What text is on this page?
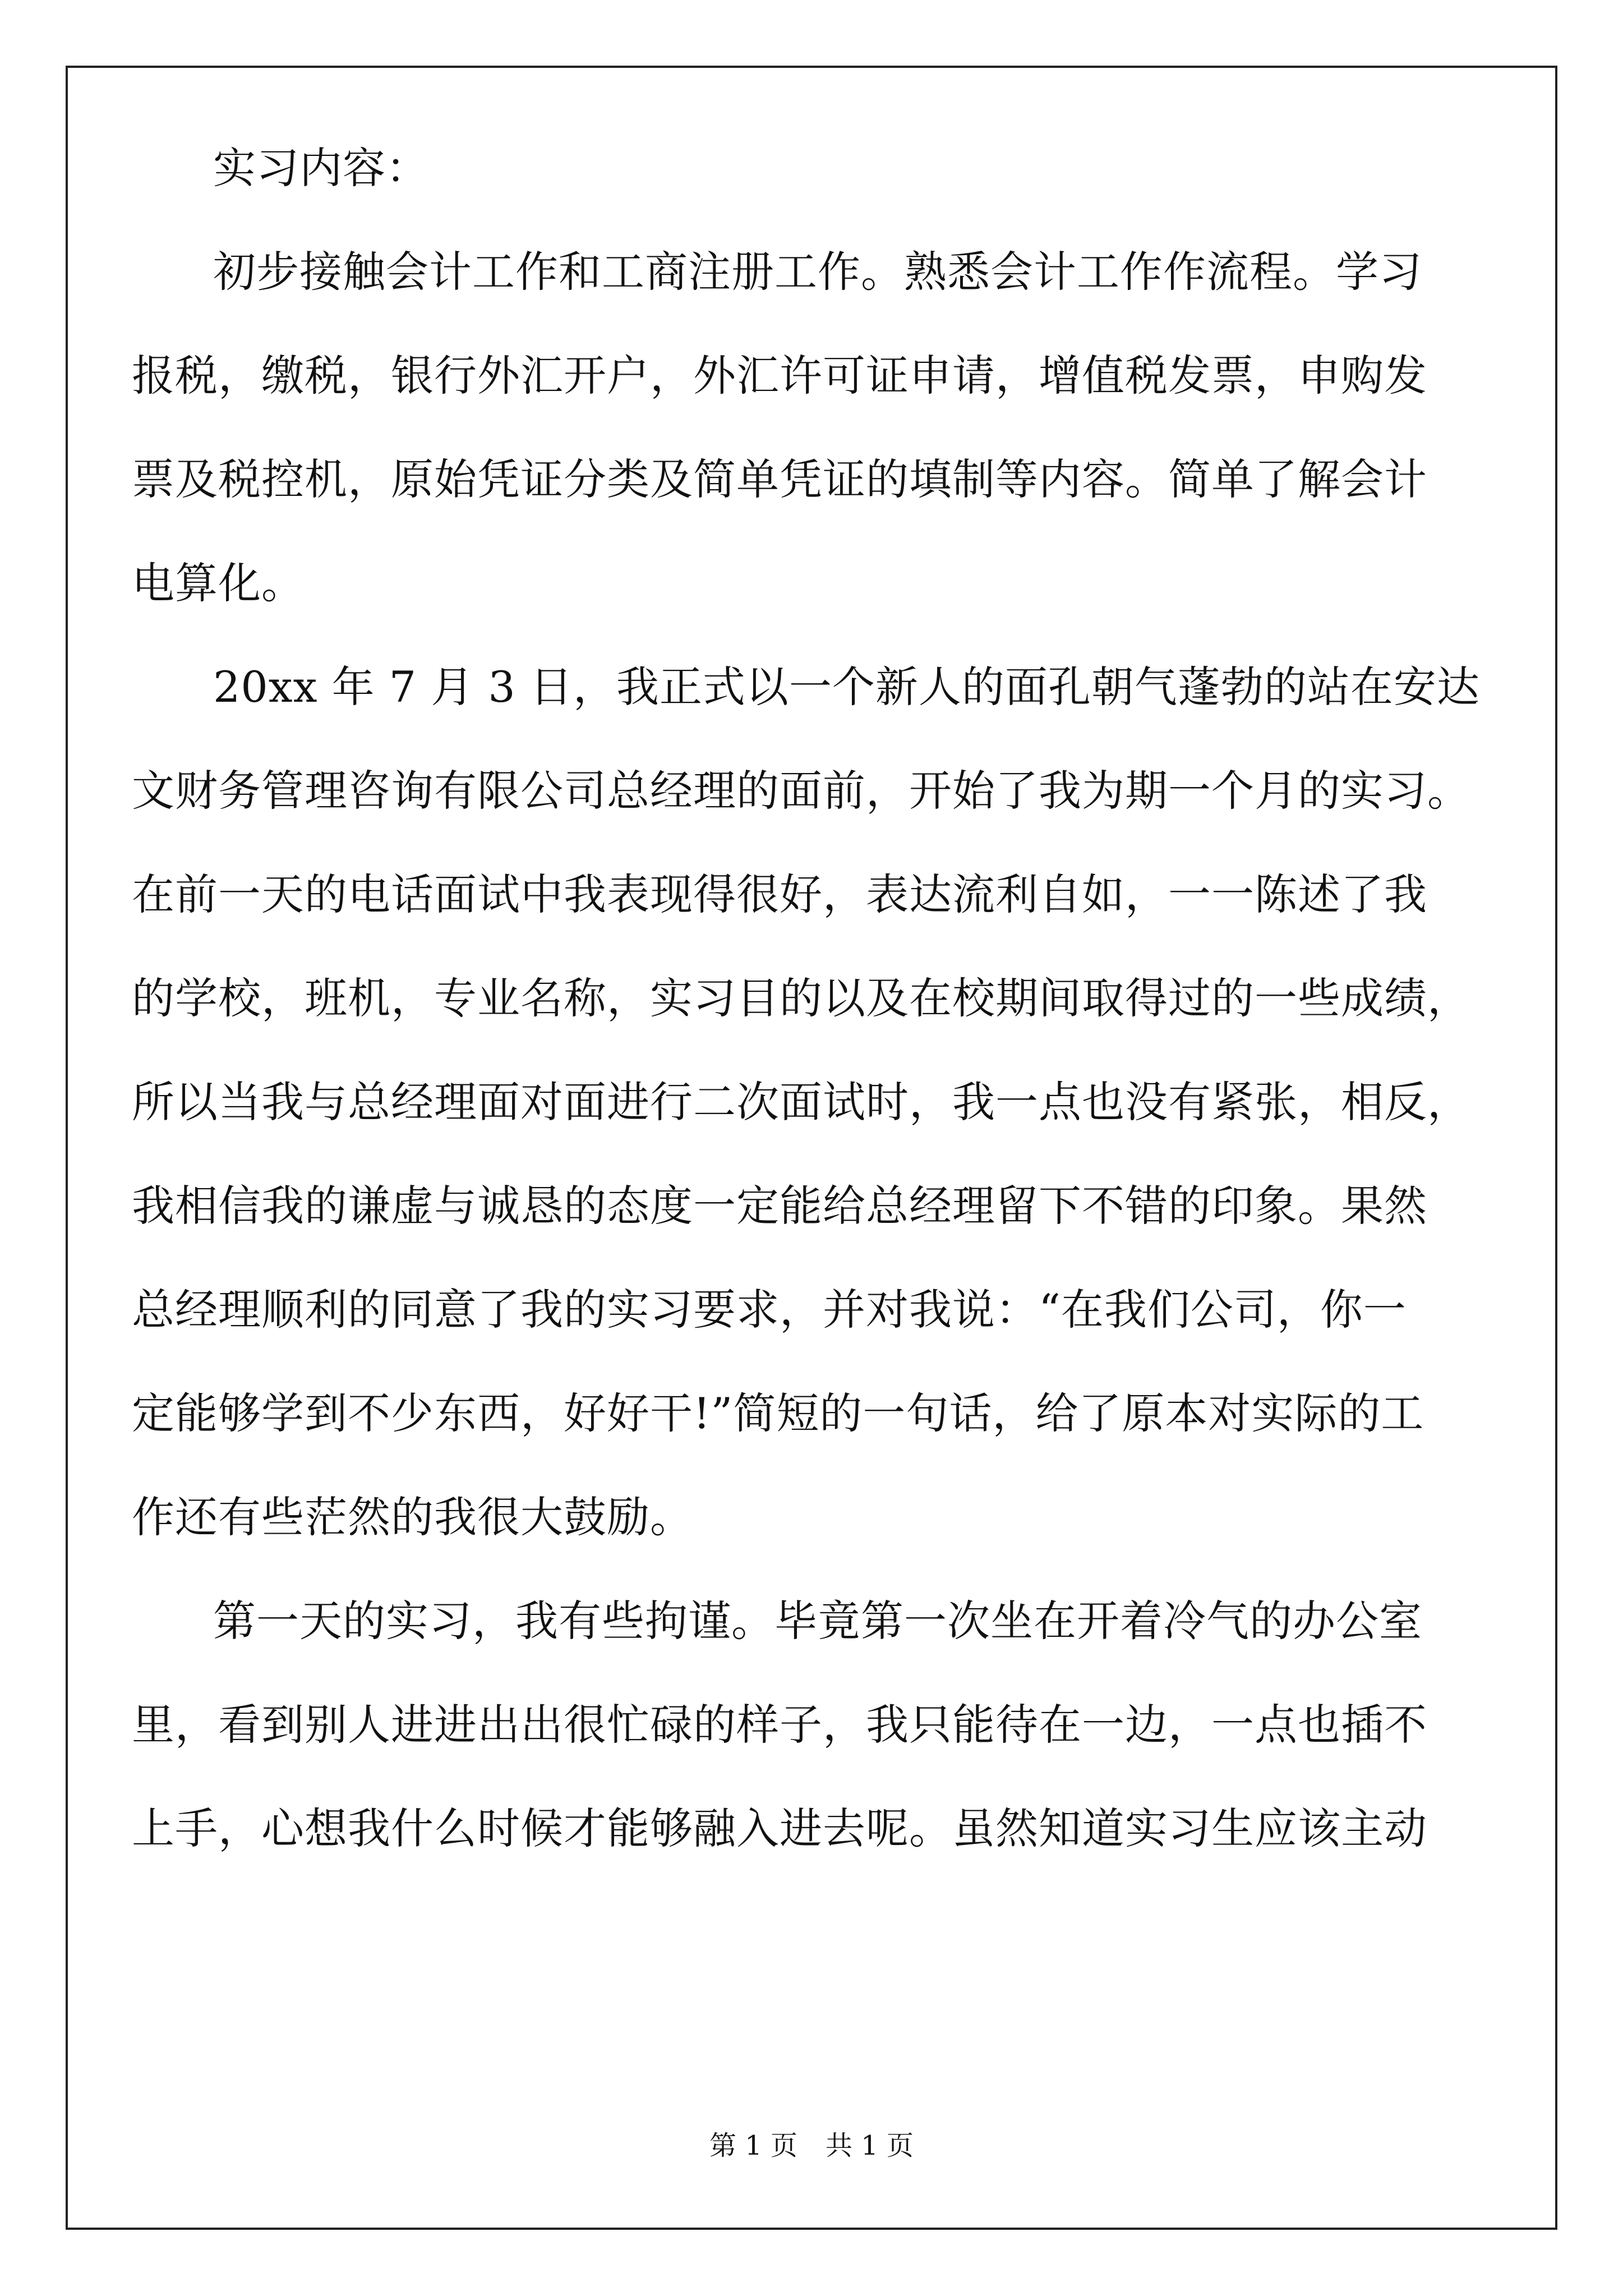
实习内容：
初步接触会计工作和工商注册工作。熟悉会计工作作流程。学习
报税，缴税，银行外汇开户，外汇许可证申请，增值税发票，申购发
票及税控机，原始凭证分类及简单凭证的填制等内容。简单了解会计
电算化。
20xx 年 7 月 3 日，我正式以一个新人的面孔朝气蓬勃的站在安达
文财务管理咨询有限公司总经理的面前，开始了我为期一个月的实习。
在前一天的电话面试中我表现得很好，表达流利自如，一一陈述了我
的学校，班机，专业名称，实习目的以及在校期间取得过的一些成绩，
所以当我与总经理面对面进行二次面试时，我一点也没有紧张，相反，
我相信我的谦虚与诚恳的态度一定能给总经理留下不错的印象。果然
总经理顺利的同意了我的实习要求，并对我说：“在我们公司，你一
定能够学到不少东西，好好干!”简短的一句话，给了原本对实际的工
作还有些茫然的我很大鼓励。
第一天的实习，我有些拘谨。毕竟第一次坐在开着冷气的办公室
里，看到别人进进出出很忙碌的样子，我只能待在一边，一点也插不
上手，心想我什么时候才能够融入进去呢。虽然知道实习生应该主动
第 1 页 共 1 页
